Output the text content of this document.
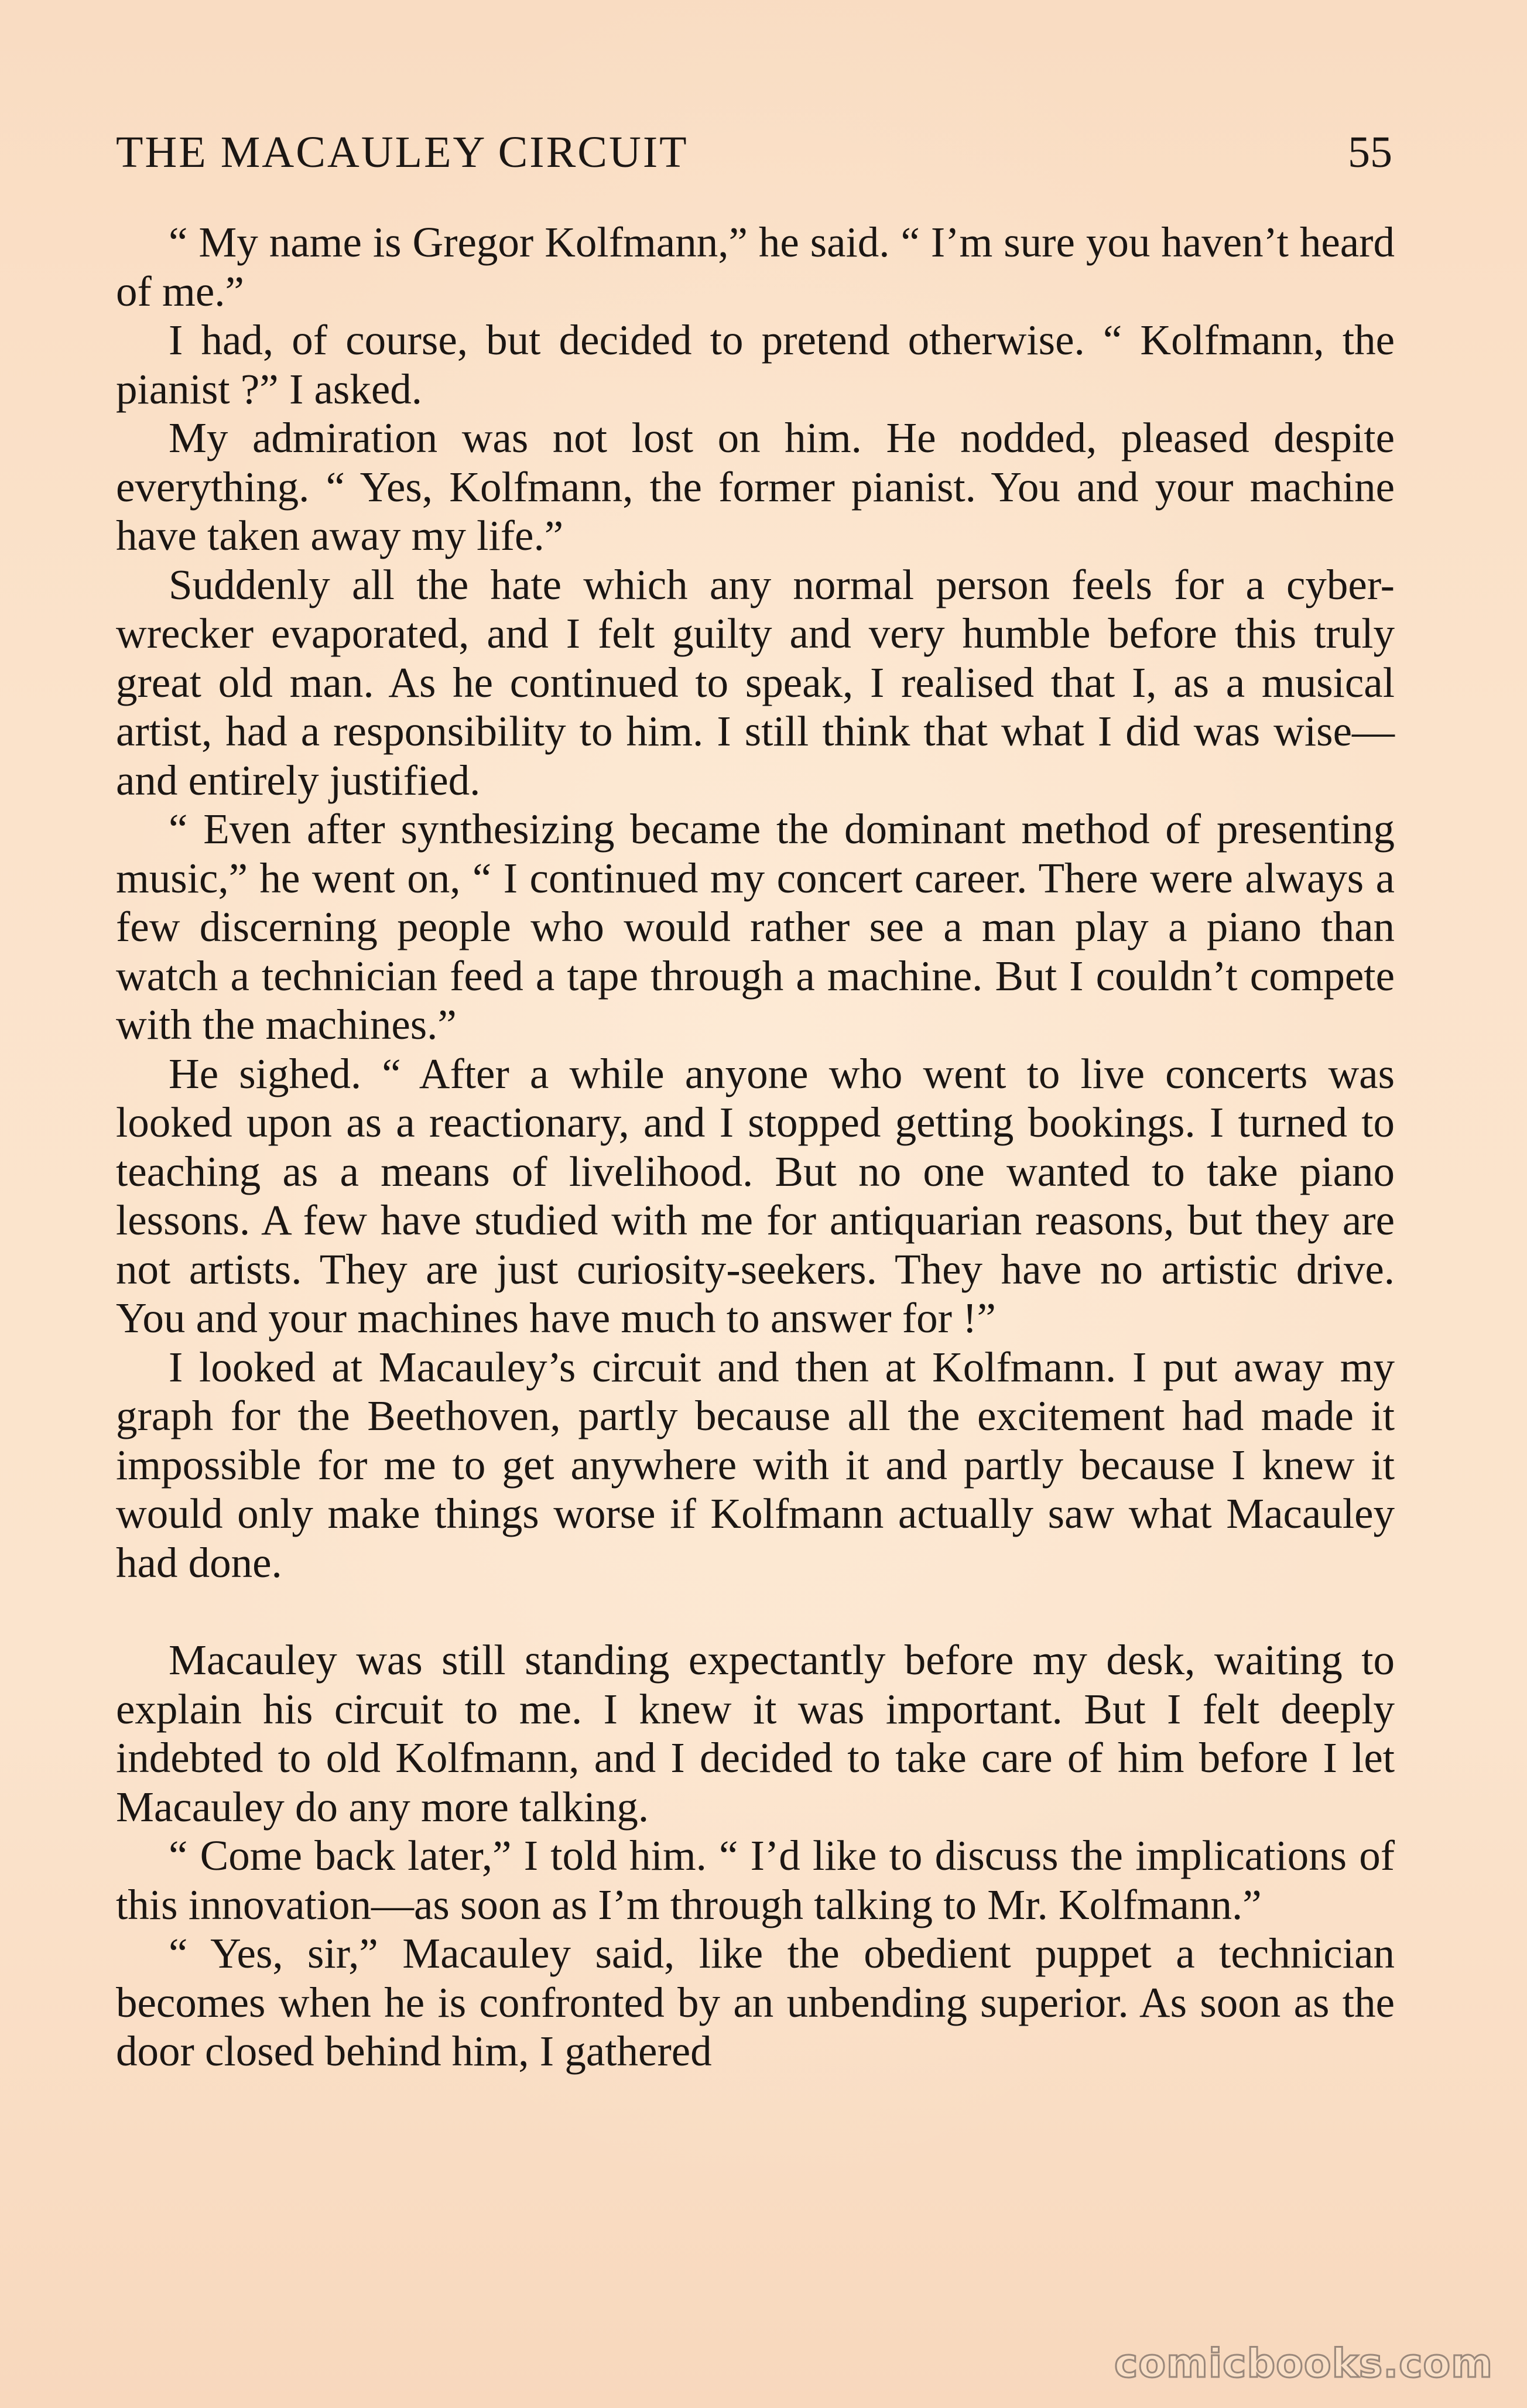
THE MACAULEY CIRCUIT	55

“ My name is Gregor Kolfmann,” he said. “ I’m sure you haven’t heard of me.”

I had, of course, but decided to pretend otherwise. “ Kolfmann, the pianist ?” I asked.

My admiration was not lost on him. He nodded, pleased despite everything. “ Yes, Kolfmann, the former pianist. You and your machine have taken away my life.”

Suddenly all the hate which any normal person feels for a cyber-wrecker evaporated, and I felt guilty and very humble before this truly great old man. As he continued to speak, I realised that I, as a musical artist, had a responsibility to him. I still think that what I did was wise—and entirely justified.

“ Even after synthesizing became the dominant method of presenting music,” he went on, “ I continued my concert career. There were always a few discerning people who would rather see a man play a piano than watch a technician feed a tape through a machine. But I couldn’t compete with the machines.”

He sighed. “ After a while anyone who went to live concerts was looked upon as a reactionary, and I stopped getting bookings. I turned to teaching as a means of livelihood. But no one wanted to take piano lessons. A few have studied with me for antiquarian reasons, but they are not artists. They are just curiosity-seekers. They have no artistic drive. You and your machines have much to answer for !”

I looked at Macauley’s circuit and then at Kolfmann. I put away my graph for the Beethoven, partly because all the excitement had made it impossible for me to get anywhere with it and partly because I knew it would only make things worse if Kolfmann actually saw what Macauley had done.

Macauley was still standing expectantly before my desk, waiting to explain his circuit to me. I knew it was important. But I felt deeply indebted to old Kolfmann, and I decided to take care of him before I let Macauley do any more talking.

“ Come back later,” I told him. “ I’d like to discuss the implications of this innovation—as soon as I’m through talking to Mr. Kolfmann.”

“ Yes, sir,” Macauley said, like the obedient puppet a technician becomes when he is confronted by an unbending superior. As soon as the door closed behind him, I gathered

comicbooks.com
